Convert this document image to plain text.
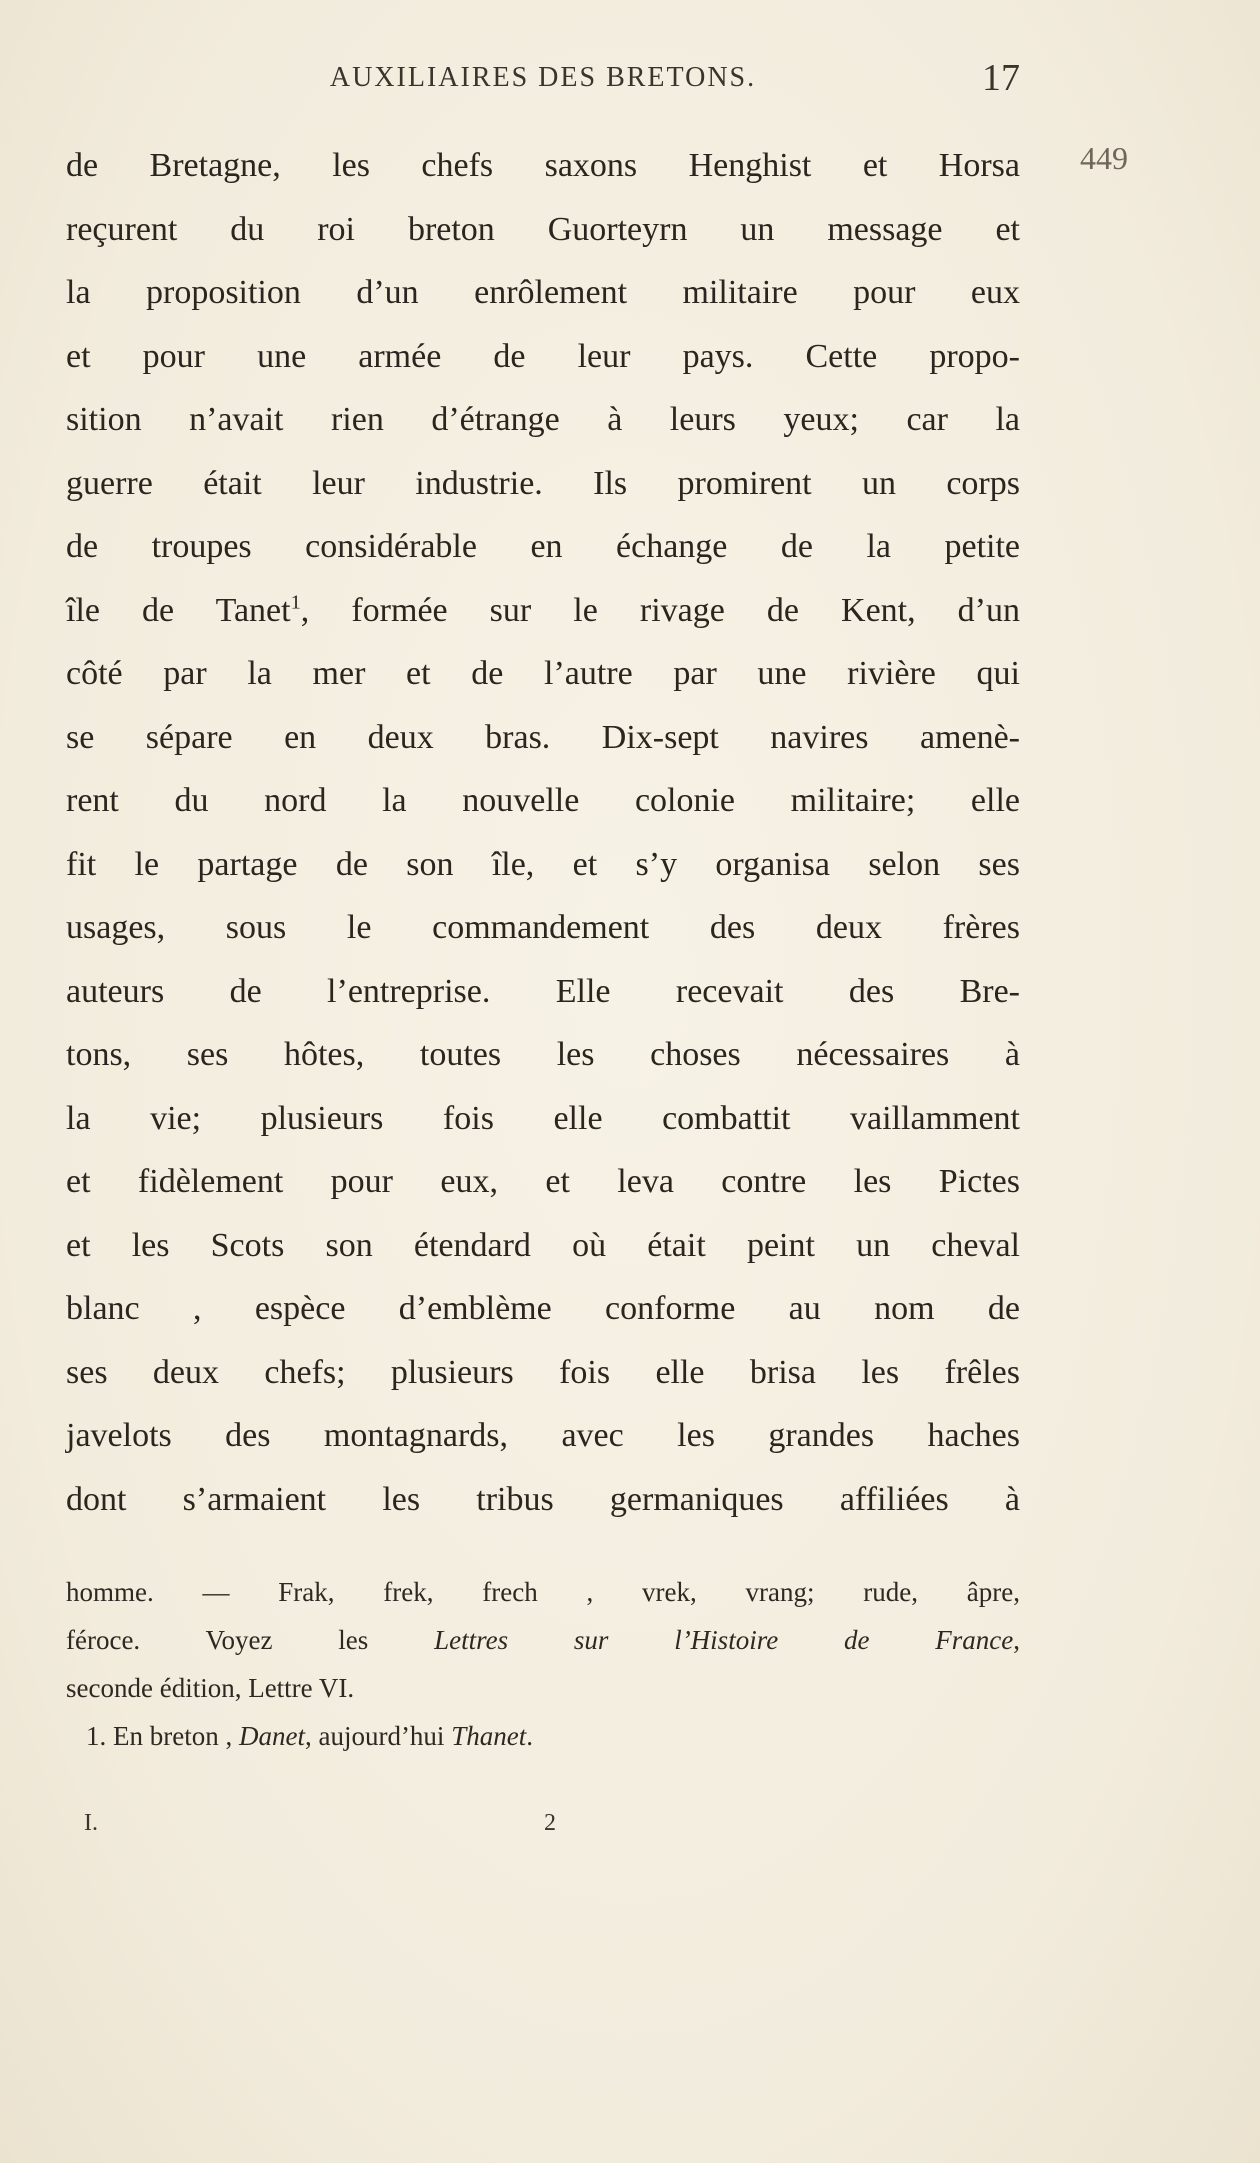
AUXILIAIRES DES BRETONS.	17
449
de Bretagne, les chefs saxons Henghist et Horsa
reçurent du roi breton Guorteyrn un message et
la proposition d’un enrôlement militaire pour eux
et pour une armée de leur pays. Cette propo-
sition n’avait rien d’étrange à leurs yeux; car la
guerre était leur industrie. Ils promirent un corps
de troupes considérable en échange de la petite
île de Tanet$^1$, formée sur le rivage de Kent, d’un
côté par la mer et de l’autre par une rivière qui
se sépare en deux bras. Dix-sept navires amenè-
rent du nord la nouvelle colonie militaire; elle
fit le partage de son île, et s’y organisa selon ses
usages, sous le commandement des deux frères
auteurs de l’entreprise. Elle recevait des Bre-
tons, ses hôtes, toutes les choses nécessaires à
la vie; plusieurs fois elle combattit vaillamment
et fidèlement pour eux, et leva contre les Pictes
et les Scots son étendard où était peint un cheval
blanc , espèce d’emblème conforme au nom de
ses deux chefs; plusieurs fois elle brisa les frêles
javelots des montagnards, avec les grandes haches
dont s’armaient les tribus germaniques affiliées à
homme. — Frak, frek, frech , vrek, vrang; rude, âpre,
féroce. Voyez les Lettres sur l’Histoire de France,
seconde édition, Lettre VI.
1. En breton , Danet, aujourd’hui Thanet.
I.	2
